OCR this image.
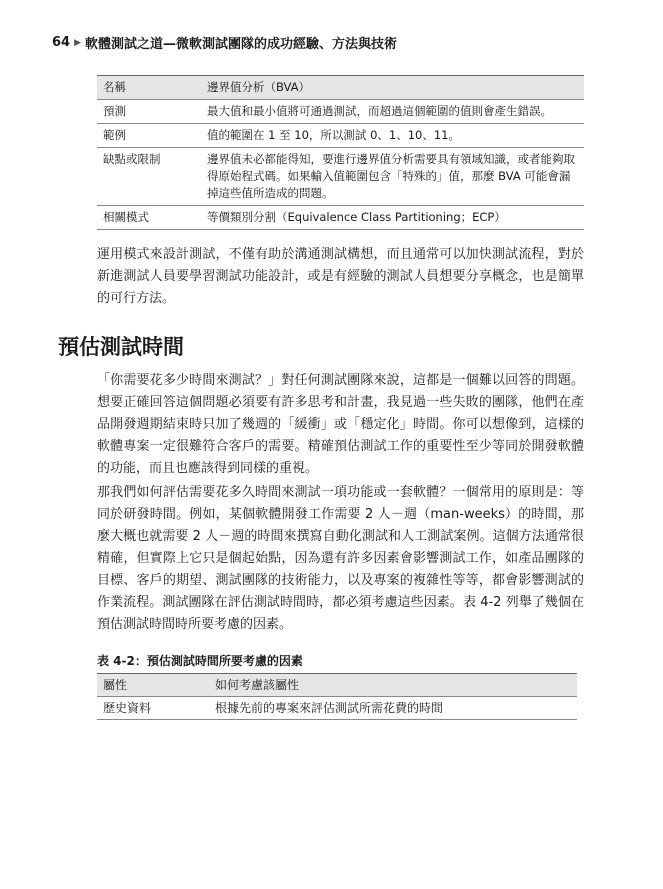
64 ▶ 軟體測試之道—微軟測試團隊的成功經驗、方法與技術
名稱	邊界值分析（BVA）
預測	最大值和最小值將可通過測試，而超過這個範圍的值則會產生錯誤。
範例	值的範圍在 1 至 10，所以測試 0、1、10、11。
缺點或限制	邊界值未必都能得知，要進行邊界值分析需要具有領域知識，或者能夠取得原始程式碼。如果輸入值範圍包含「特殊的」值，那麼 BVA 可能會漏掉這些值所造成的問題。
相關模式	等價類別分割（Equivalence Class Partitioning；ECP）

運用模式來設計測試，不僅有助於溝通測試構想，而且通常可以加快測試流程，對於新進測試人員要學習測試功能設計，或是有經驗的測試人員想要分享概念，也是簡單的可行方法。

預估測試時間

「你需要花多少時間來測試？」對任何測試團隊來說，這都是一個難以回答的問題。想要正確回答這個問題必須要有許多思考和計畫，我見過一些失敗的團隊，他們在產品開發週期結束時只加了幾週的「緩衝」或「穩定化」時間。你可以想像到，這樣的軟體專案一定很難符合客戶的需要。精確預估測試工作的重要性至少等同於開發軟體的功能，而且也應該得到同樣的重視。

那我們如何評估需要花多久時間來測試一項功能或一套軟體？一個常用的原則是：等同於研發時間。例如，某個軟體開發工作需要 2 人－週（man-weeks）的時間，那麼大概也就需要 2 人－週的時間來撰寫自動化測試和人工測試案例。這個方法通常很精確，但實際上它只是個起始點，因為還有許多因素會影響測試工作，如產品團隊的目標、客戶的期望、測試團隊的技術能力，以及專案的複雜性等等，都會影響測試的作業流程。測試團隊在評估測試時間時，都必須考慮這些因素。表 4-2 列舉了幾個在預估測試時間時所要考慮的因素。

表 4-2：預估測試時間所要考慮的因素

屬性	如何考慮該屬性
歷史資料	根據先前的專案來評估測試所需花費的時間
